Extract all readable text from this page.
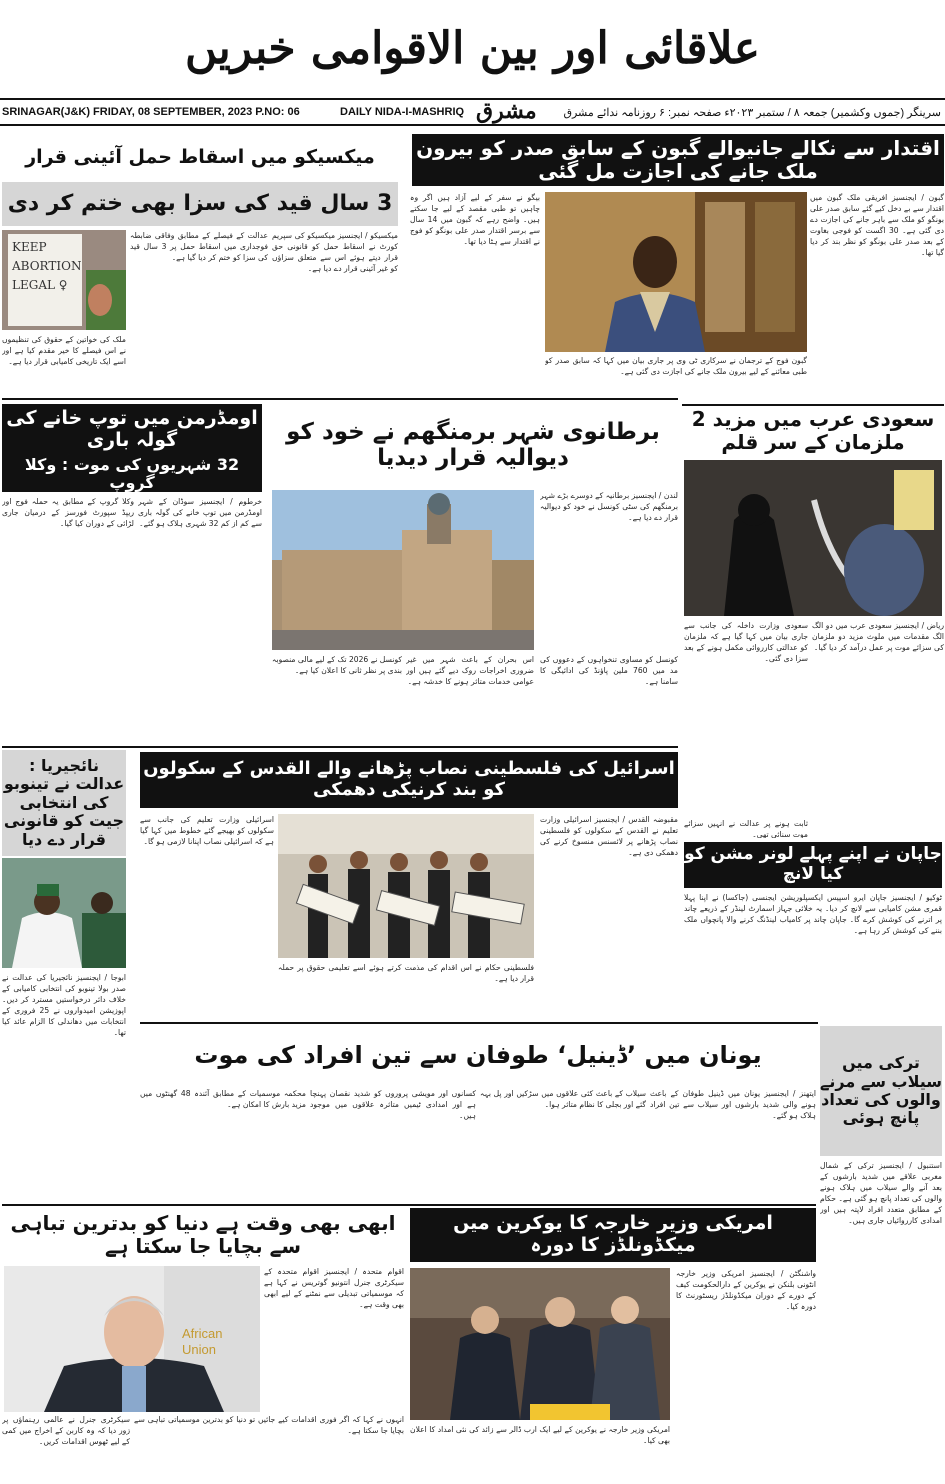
علاقائی اور بین الاقوامی خبریں
SRINAGAR(J&K) FRIDAY, 08 SEPTEMBER, 2023 P.NO: 06	DAILY NIDA-I-MASHRIQ مشرق سرینگر (جموں وکشمیر) جمعہ ۸ / ستمبر ۲۰۲۳ء صفحہ نمبر: ۶ روزنامہ ندائے مشرق
اقتدار سے نکالے جانیوالے گبون کے سابق صدر کو بیرون ملک جانے کی اجازت مل گئی
گبون / ایجنسیز افریقی ملک گبون میں اقتدار سے بے دخل کیے گئے سابق صدر علی بونگو کو ملک سے باہر جانے کی اجازت دے دی گئی ہے۔ 30 اگست کو فوجی بغاوت کے بعد صدر علی بونگو کو نظر بند کر دیا گیا تھا۔
گبون فوج کے ترجمان نے سرکاری ٹی وی پر جاری بیان میں کہا کہ سابق صدر کو طبی معائنے کے لیے بیرون ملک جانے کی اجازت دی گئی ہے۔
بیگو نے سفر کے لیے آزاد ہیں اگر وہ چاہیں تو طبی مقصد کے لیے جا سکتے ہیں۔ واضح رہے کہ گبون میں 14 سال سے برسر اقتدار صدر علی بونگو کو فوج نے اقتدار سے ہٹا دیا تھا۔
میکسیکو میں اسقاط حمل آئینی قرار
3 سال قید کی سزا بھی ختم کر دی
KEEP ABORTION LEGAL ♀
میکسیکو / ایجنسیز میکسیکو کی سپریم کورٹ نے اسقاط حمل کو قانونی حق قرار دیتے ہوئے اس سے متعلق سزاؤں کو غیر آئینی قرار دے دیا ہے۔
عدالت کے فیصلے کے مطابق وفاقی ضابطہ فوجداری میں اسقاط حمل پر 3 سال قید کی سزا کو ختم کر دیا گیا ہے۔
ملک کی خواتین کے حقوق کی تنظیموں نے اس فیصلے کا خیر مقدم کیا ہے اور اسے ایک تاریخی کامیابی قرار دیا ہے۔
اومڈرمن میں توپ خانے کی گولہ باری
32 شہریوں کی موت : وکلا گروپ
خرطوم / ایجنسیز سوڈان کے شہر اومڈرمن میں توپ خانے کی گولہ باری سے کم از کم 32 شہری ہلاک ہو گئے۔
وکلا گروپ کے مطابق یہ حملہ فوج اور ریپڈ سپورٹ فورسز کے درمیان جاری لڑائی کے دوران کیا گیا۔
برطانوی شہر برمنگھم نے خود کو دیوالیہ قرار دیدیا
لندن / ایجنسیز برطانیہ کے دوسرے بڑے شہر برمنگھم کی سٹی کونسل نے خود کو دیوالیہ قرار دے دیا ہے۔
کونسل کو مساوی تنخواہوں کے دعووں کی مد میں 760 ملین پاؤنڈ کی ادائیگی کا سامنا ہے۔
اس بحران کے باعث شہر میں غیر ضروری اخراجات روک دیے گئے ہیں اور عوامی خدمات متاثر ہونے کا خدشہ ہے۔
کونسل نے 2026 تک کے لیے مالی منصوبہ بندی پر نظر ثانی کا اعلان کیا ہے۔
سعودی عرب میں مزید 2 ملزمان کے سر قلم
ریاض / ایجنسیز سعودی عرب میں دو الگ الگ مقدمات میں ملوث مزید دو ملزمان کی سزائے موت پر عمل درآمد کر دیا گیا۔
سعودی وزارت داخلہ کی جانب سے جاری بیان میں کہا گیا ہے کہ ملزمان کو عدالتی کارروائی مکمل ہونے کے بعد سزا دی گئی۔
ثابت ہونے پر عدالت نے انہیں سزائے موت سنائی تھی۔
نائجیریا : عدالت نے تینوبو کی انتخابی جیت کو قانونی قرار دے دیا
ابوجا / ایجنسیز نائجیریا کی عدالت نے صدر بولا تینوبو کی انتخابی کامیابی کے خلاف دائر درخواستیں مسترد کر دیں۔ اپوزیشن امیدواروں نے 25 فروری کے انتخابات میں دھاندلی کا الزام عائد کیا تھا۔
اسرائیل کی فلسطینی نصاب پڑھانے والے القدس کے سکولوں کو بند کرنیکی دھمکی
مقبوضہ القدس / ایجنسیز اسرائیلی وزارت تعلیم نے القدس کے سکولوں کو فلسطینی نصاب پڑھانے پر لائسنس منسوخ کرنے کی دھمکی دی ہے۔
اسرائیلی وزارت تعلیم کی جانب سے سکولوں کو بھیجے گئے خطوط میں کہا گیا ہے کہ اسرائیلی نصاب اپنانا لازمی ہو گا۔
فلسطینی حکام نے اس اقدام کی مذمت کرتے ہوئے اسے تعلیمی حقوق پر حملہ قرار دیا ہے۔
جاپان نے اپنے پہلے لونر مشن کو کیا لانچ
ٹوکیو / ایجنسیز جاپان ایرو اسپیس ایکسپلوریشن ایجنسی (جاکسا) نے اپنا پہلا قمری مشن کامیابی سے لانچ کر دیا۔ یہ خلائی جہاز اسمارٹ لینڈر کے ذریعے چاند پر اترنے کی کوشش کرے گا۔ جاپان چاند پر کامیاب لینڈنگ کرنے والا پانچواں ملک بننے کی کوشش کر رہا ہے۔
ترکی میں سیلاب سے مرنے والوں کی تعداد پانچ ہوئی
استنبول / ایجنسیز ترکی کے شمال مغربی علاقے میں شدید بارشوں کے بعد آنے والے سیلاب میں ہلاک ہونے والوں کی تعداد پانچ ہو گئی ہے۔ حکام کے مطابق متعدد افراد لاپتہ ہیں اور امدادی کارروائیاں جاری ہیں۔
یونان میں ’ڈینیل‘ طوفان سے تین افراد کی موت
ایتھنز / ایجنسیز یونان میں ڈینیل طوفان کے باعث ہونے والی شدید بارشوں اور سیلاب سے تین افراد ہلاک ہو گئے۔
سیلاب کے باعث کئی علاقوں میں سڑکیں اور پل بہہ گئے اور بجلی کا نظام متاثر ہوا۔
کسانوں اور مویشی پروروں کو شدید نقصان پہنچا ہے اور امدادی ٹیمیں متاثرہ علاقوں میں موجود ہیں۔
محکمہ موسمیات کے مطابق آئندہ 48 گھنٹوں میں مزید بارش کا امکان ہے۔
امریکی وزیر خارجہ کا یوکرین میں میکڈونلڈز کا دورہ
واشنگٹن / ایجنسیز امریکی وزیر خارجہ انٹونی بلنکن نے یوکرین کے دارالحکومت کیف کے دورے کے دوران میکڈونلڈز ریسٹورنٹ کا دورہ کیا۔
امریکی وزیر خارجہ نے یوکرین کے لیے ایک ارب ڈالر سے زائد کی نئی امداد کا اعلان بھی کیا۔
ابھی بھی وقت ہے دنیا کو بدترین تباہی سے بچایا جا سکتا ہے
African Union
اقوام متحدہ / ایجنسیز اقوام متحدہ کے سیکرٹری جنرل انتونیو گوتریس نے کہا ہے کہ موسمیاتی تبدیلی سے نمٹنے کے لیے ابھی بھی وقت ہے۔
انہوں نے کہا کہ اگر فوری اقدامات کیے جائیں تو دنیا کو بدترین موسمیاتی تباہی سے بچایا جا سکتا ہے۔
سیکرٹری جنرل نے عالمی رہنماؤں پر زور دیا کہ وہ کاربن کے اخراج میں کمی کے لیے ٹھوس اقدامات کریں۔
